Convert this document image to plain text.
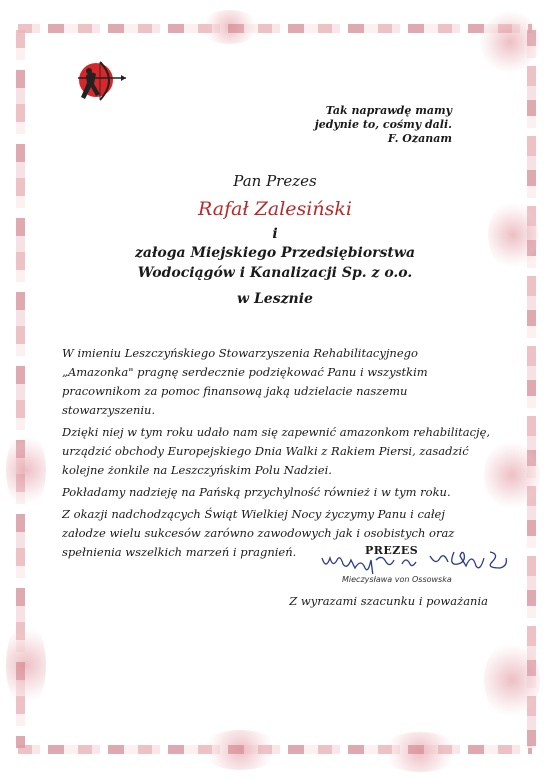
Tak naprawdę mamy
jedynie to, cośmy dali.
F. Ozanam
Pan Prezes
Rafał Zalesiński
i
załoga Miejskiego Przedsiębiorstwa
Wodociągów i Kanalizacji Sp. z o.o.
w Lesznie

W imieniu Leszczyńskiego Stowarzyszenia Rehabilitacyjnego „Amazonka" pragnę serdecznie podziękować Panu i wszystkim pracownikom za pomoc finansową jaką udzielacie naszemu stowarzyszeniu.

Dzięki niej w tym roku udało nam się zapewnić amazonkom rehabilitację, urządzić obchody Europejskiego Dnia Walki z Rakiem Piersi, zasadzić kolejne żonkile na Leszczyńskim Polu Nadziei.

Pokładamy nadzieję na Pańską przychylność również i w tym roku.

Z okazji nadchodzących Świąt Wielkiej Nocy życzymy Panu i całej załodze wielu sukcesów zarówno zawodowych jak i osobistych oraz spełnienia wszelkich marzeń i pragnień.	PREZES
Mieczysława von Ossowska
Z wyrazami szacunku i poważania
